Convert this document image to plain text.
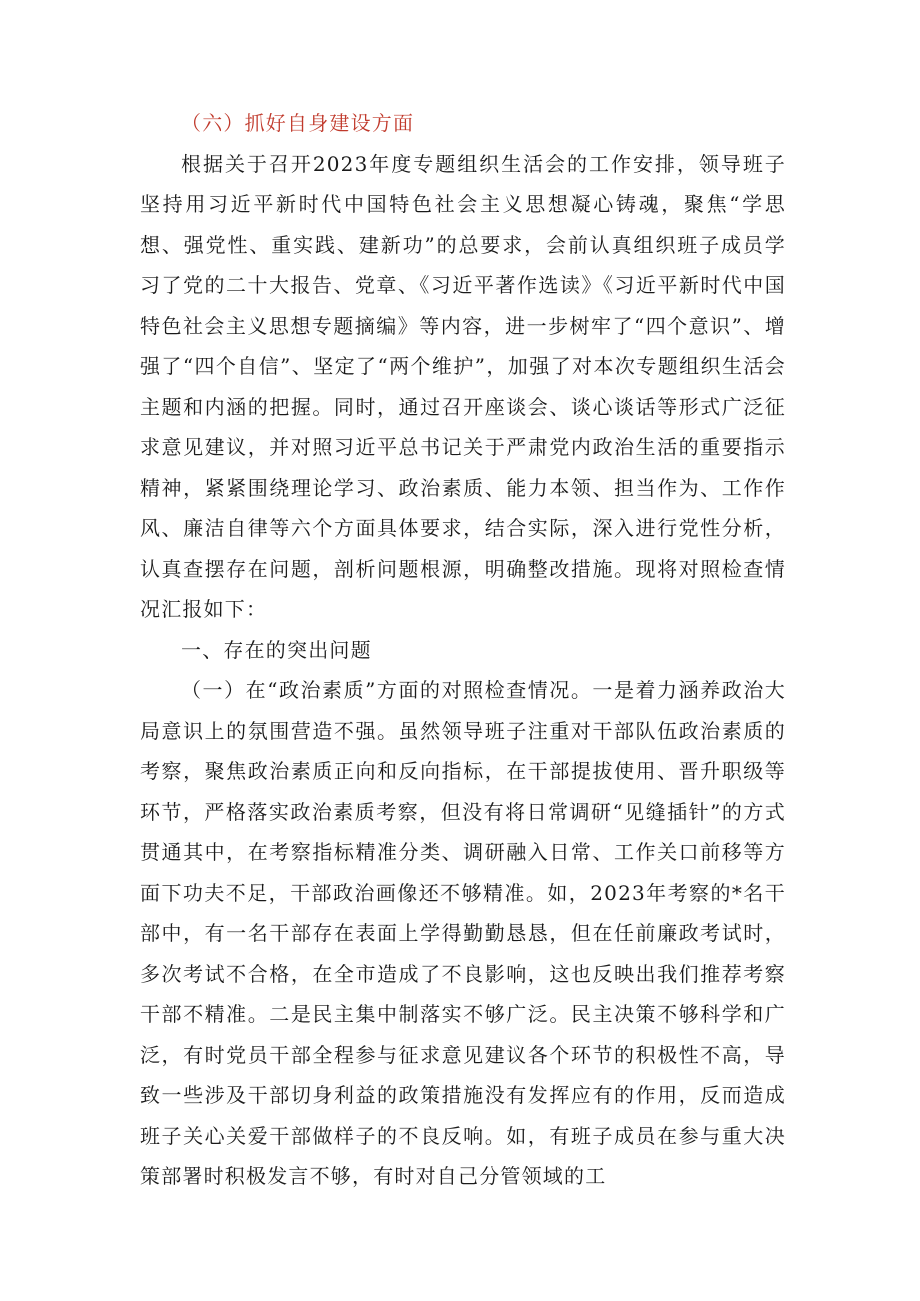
（六）抓好自身建设方面

根据关于召开2023年度专题组织生活会的工作安排，领导班子坚持用习近平新时代中国特色社会主义思想凝心铸魂，聚焦“学思想、强党性、重实践、建新功”的总要求，会前认真组织班子成员学习了党的二十大报告、党章、《习近平著作选读》《习近平新时代中国特色社会主义思想专题摘编》等内容，进一步树牢了“四个意识”、增强了“四个自信”、坚定了“两个维护”，加强了对本次专题组织生活会主题和内涵的把握。同时，通过召开座谈会、谈心谈话等形式广泛征求意见建议，并对照习近平总书记关于严肃党内政治生活的重要指示精神，紧紧围绕理论学习、政治素质、能力本领、担当作为、工作作风、廉洁自律等六个方面具体要求，结合实际，深入进行党性分析，认真查摆存在问题，剖析问题根源，明确整改措施。现将对照检查情况汇报如下：

一、存在的突出问题

（一）在“政治素质”方面的对照检查情况。一是着力涵养政治大局意识上的氛围营造不强。虽然领导班子注重对干部队伍政治素质的考察，聚焦政治素质正向和反向指标，在干部提拔使用、晋升职级等环节，严格落实政治素质考察，但没有将日常调研“见缝插针”的方式贯通其中，在考察指标精准分类、调研融入日常、工作关口前移等方面下功夫不足，干部政治画像还不够精准。如，2023年考察的*名干部中，有一名干部存在表面上学得勤勤恳恳，但在任前廉政考试时，多次考试不合格，在全市造成了不良影响，这也反映出我们推荐考察干部不精准。二是民主集中制落实不够广泛。民主决策不够科学和广泛，有时党员干部全程参与征求意见建议各个环节的积极性不高，导致一些涉及干部切身利益的政策措施没有发挥应有的作用，反而造成班子关心关爱干部做样子的不良反响。如，有班子成员在参与重大决策部署时积极发言不够，有时对自己分管领域的工
